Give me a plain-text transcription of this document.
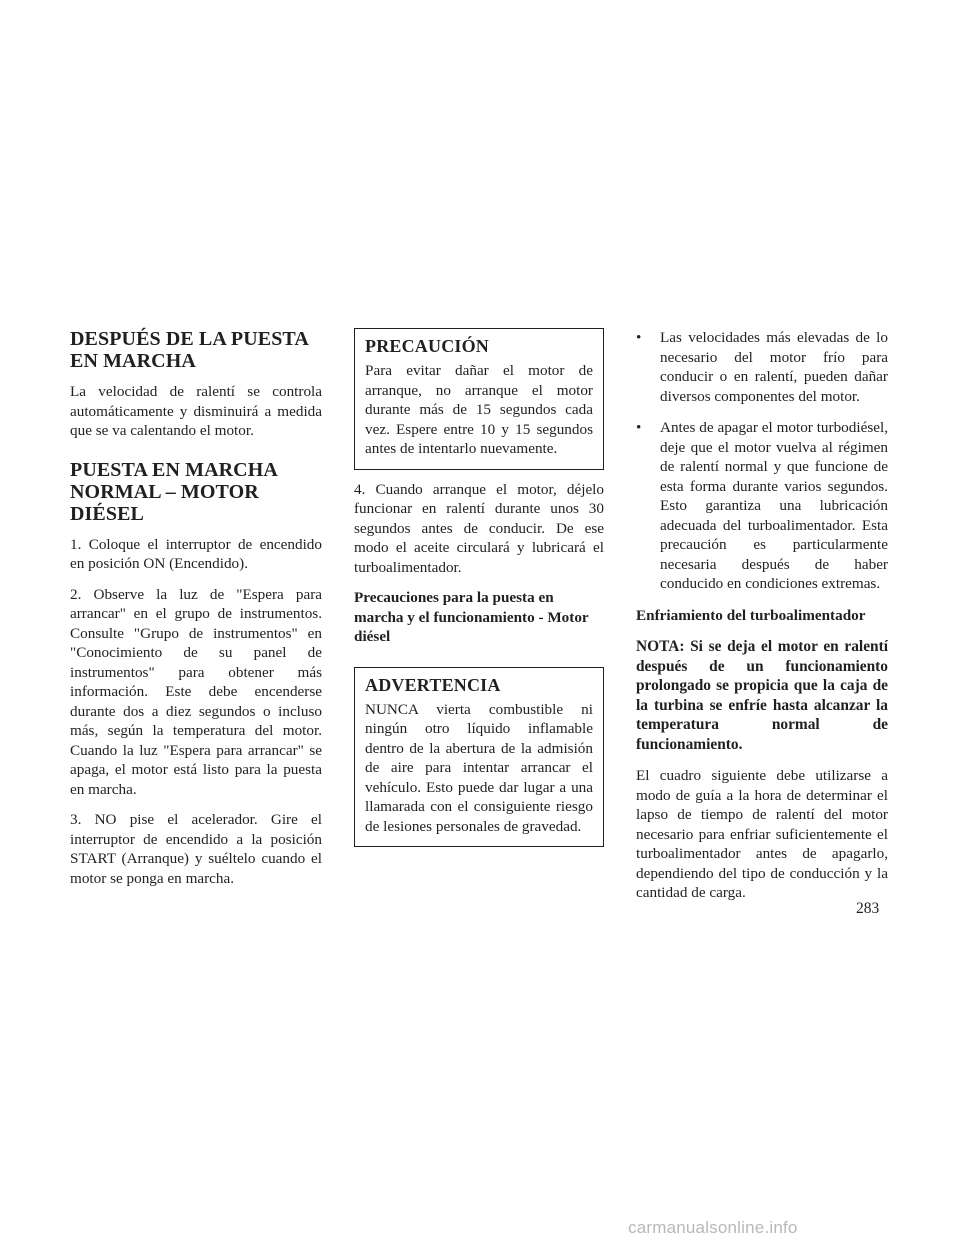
DESPUÉS DE LA PUESTA EN MARCHA

La velocidad de ralentí se controla automáticamente y disminuirá a medida que se va calentando el motor.

PUESTA EN MARCHA NORMAL – MOTOR DIÉSEL

1. Coloque el interruptor de encendido en posición ON (Encendido).

2. Observe la luz de "Espera para arrancar" en el grupo de instrumentos. Consulte "Grupo de instrumentos" en "Conocimiento de su panel de instrumentos" para obtener más información. Este debe encenderse durante dos a diez segundos o incluso más, según la temperatura del motor. Cuando la luz "Espera para arrancar" se apaga, el motor está listo para la puesta en marcha.

3. NO pise el acelerador. Gire el interruptor de encendido a la posición START (Arranque) y suéltelo cuando el motor se ponga en marcha.

PRECAUCIÓN
Para evitar dañar el motor de arranque, no arranque el motor durante más de 15 segundos cada vez. Espere entre 10 y 15 segundos antes de intentarlo nuevamente.

4. Cuando arranque el motor, déjelo funcionar en ralentí durante unos 30 segundos antes de conducir. De ese modo el aceite circulará y lubricará el turboalimentador.

Precauciones para la puesta en marcha y el funcionamiento - Motor diésel

ADVERTENCIA
NUNCA vierta combustible ni ningún otro líquido inflamable dentro de la abertura de la admisión de aire para intentar arrancar el vehículo. Esto puede dar lugar a una llamarada con el consiguiente riesgo de lesiones personales de gravedad.
• Las velocidades más elevadas de lo necesario del motor frío para conducir o en ralentí, pueden dañar diversos componentes del motor.
• Antes de apagar el motor turbodiésel, deje que el motor vuelva al régimen de ralentí normal y que funcione de esta forma durante varios segundos. Esto garantiza una lubricación adecuada del turboalimentador. Esta precaución es particularmente necesaria después de haber conducido en condiciones extremas.

Enfriamiento del turboalimentador

NOTA: Si se deja el motor en ralentí después de un funcionamiento prolongado se propicia que la caja de la turbina se enfríe hasta alcanzar la temperatura normal de funcionamiento.

El cuadro siguiente debe utilizarse a modo de guía a la hora de determinar el lapso de tiempo de ralentí del motor necesario para enfriar suficientemente el turboalimentador antes de apagarlo, dependiendo del tipo de conducción y la cantidad de carga.

283
carmanualsonline.info
